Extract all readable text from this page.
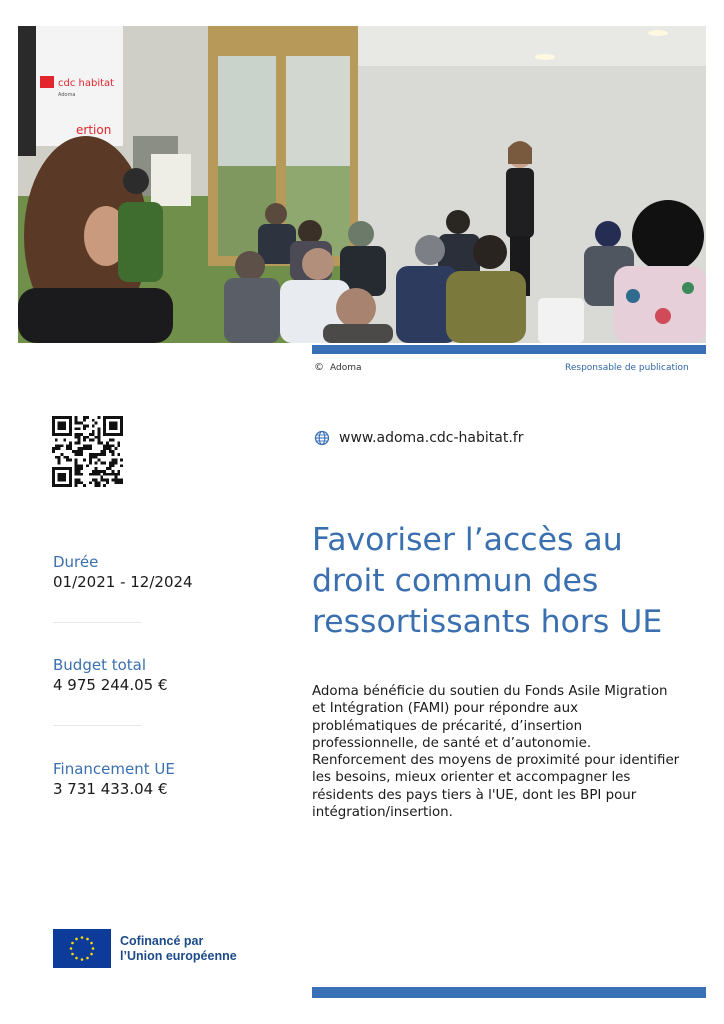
cdc habitat
Adoma
ertion
© Adoma	Responsable de publication
www.adoma.cdc-habitat.fr
Durée
01/2021 - 12/2024
Budget total
4 975 244.05 €
Financement UE
3 731 433.04 €
Favoriser l’accès au droit commun des ressortissants hors UE

Adoma bénéficie du soutien du Fonds Asile Migration et Intégration (FAMI) pour répondre aux problématiques de précarité, d’insertion professionnelle, de santé et d’autonomie. Renforcement des moyens de proximité pour identifier les besoins, mieux orienter et accompagner les résidents des pays tiers à l'UE, dont les BPI pour intégration/insertion.

Cofinancé par
l’Union européenne
